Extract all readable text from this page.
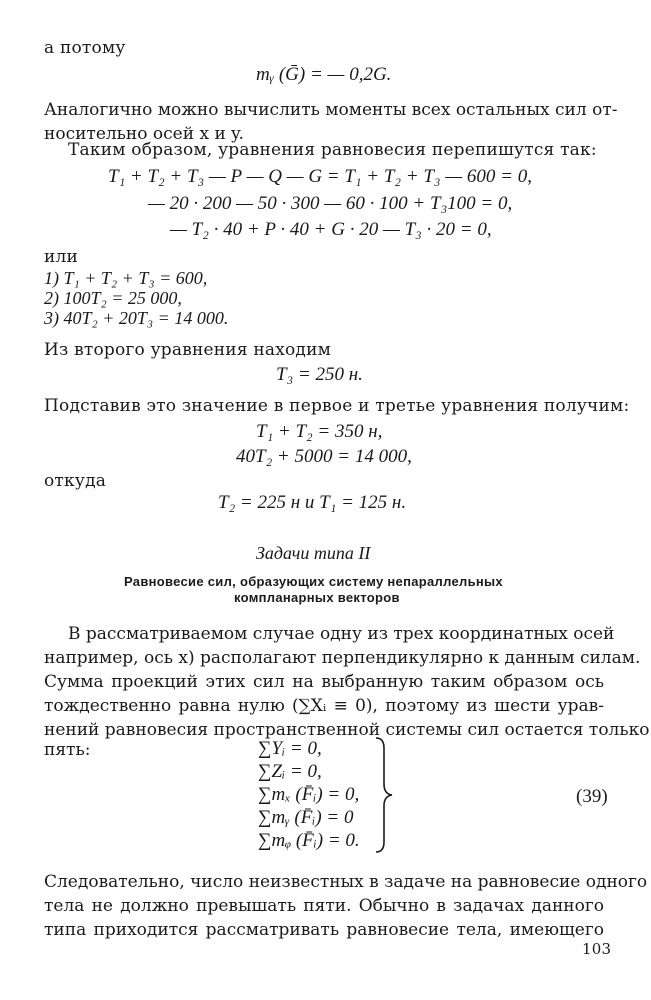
а потому
mᵧ (Ḡ) = — 0,2G.
Аналогично можно вычислить моменты всех остальных сил от-
носительно осей x и y.
Таким образом, уравнения равновесия перепишутся так:
T₁ + T₂ + T₃ — P — Q — G = T₁ + T₂ + T₃ — 600 = 0,
— 20 · 200 — 50 · 300 — 60 · 100 + T₃100 = 0,
— T₂ · 40 + P · 40 + G · 20 — T₃ · 20 = 0,
или
1) T₁ + T₂ + T₃ = 600,
2) 100T₂ = 25 000,
3) 40T₂ + 20T₃ = 14 000.
Из второго уравнения находим
T₃ = 250 н.
Подставив это значение в первое и третье уравнения получим:
T₁ + T₂ = 350 н,
40T₂ + 5000 = 14 000,
откуда
T₂ = 225 н и T₁ = 125 н.
Задачи типа II
Равновесие сил, образующих систему непараллельных
компланарных векторов
В рассматриваемом случае одну из трех координатных осей
например, ось x) располагают перпендикулярно к данным силам.
Сумма проекций этих сил на выбранную таким образом ось
тождественно равна нулю (∑Xᵢ ≡ 0), поэтому из шести урав-
нений равновесия пространственной системы сил остается только
пять:	∑Yᵢ = 0,
∑Zᵢ = 0,
∑mₓ (F̄ᵢ) = 0,
∑mᵧ (F̄ᵢ) = 0
∑mᵩ (F̄ᵢ) = 0.
(39)
Следовательно, число неизвестных в задаче на равновесие одного
тела не должно превышать пяти. Обычно в задачах данного
типа приходится рассматривать равновесие тела, имеющего
103
